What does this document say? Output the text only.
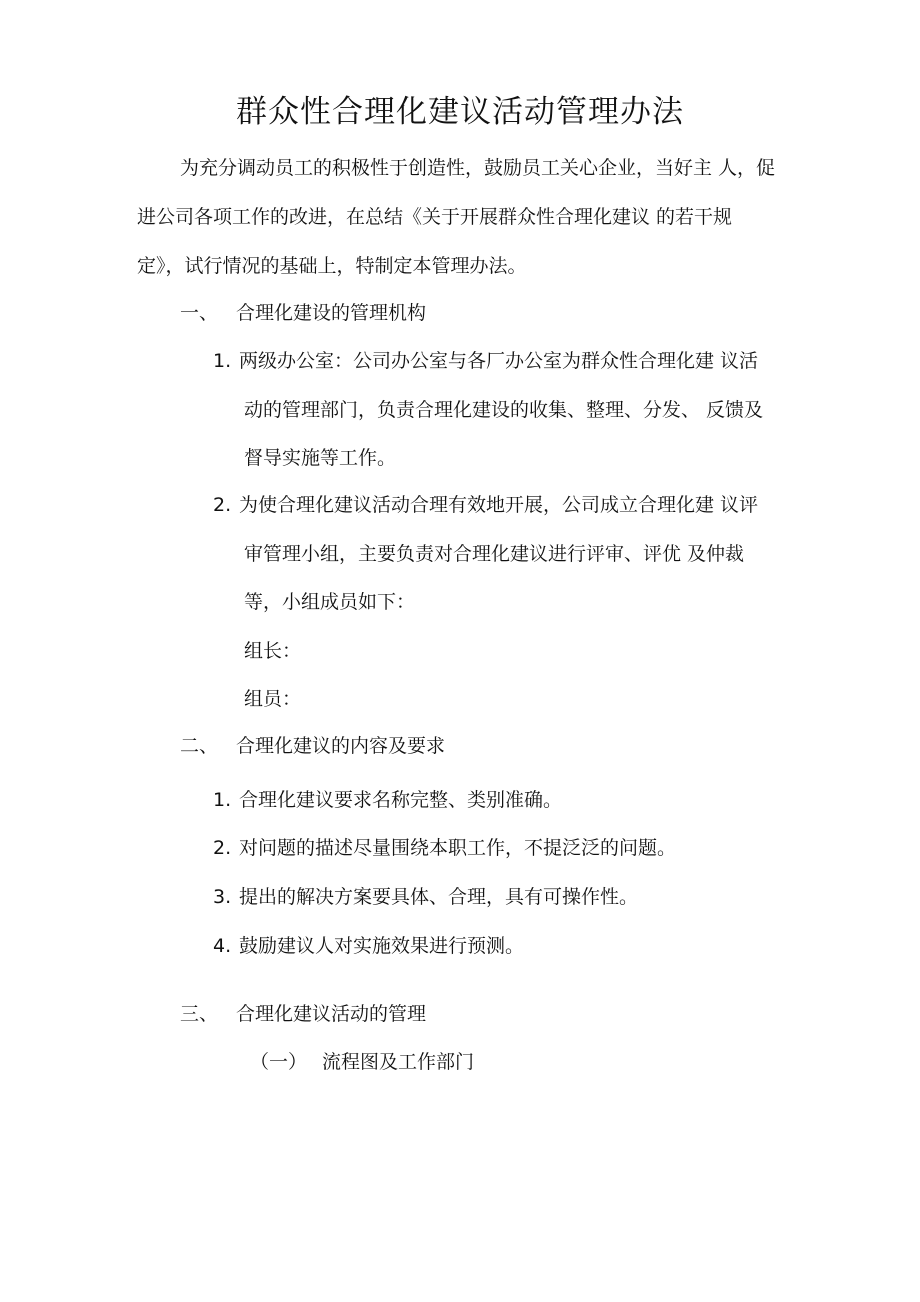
群众性合理化建议活动管理办法
为充分调动员工的积极性于创造性，鼓励员工关心企业，当好主 人，促
进公司各项工作的改进，在总结《关于开展群众性合理化建议 的若干规
定》，试行情况的基础上，特制定本管理办法。
一、 合理化建设的管理机构
1. 两级办公室：公司办公室与各厂办公室为群众性合理化建 议活
动的管理部门，负责合理化建设的收集、整理、分发、 反馈及
督导实施等工作。
2. 为使合理化建议活动合理有效地开展，公司成立合理化建 议评
审管理小组，主要负责对合理化建议进行评审、评优 及仲裁
等，小组成员如下：
组长：
组员：
二、 合理化建议的内容及要求
1. 合理化建议要求名称完整、类别准确。
2. 对问题的描述尽量围绕本职工作，不提泛泛的问题。
3. 提出的解决方案要具体、合理，具有可操作性。
4. 鼓励建议人对实施效果进行预测。
三、 合理化建议活动的管理
（一） 流程图及工作部门
